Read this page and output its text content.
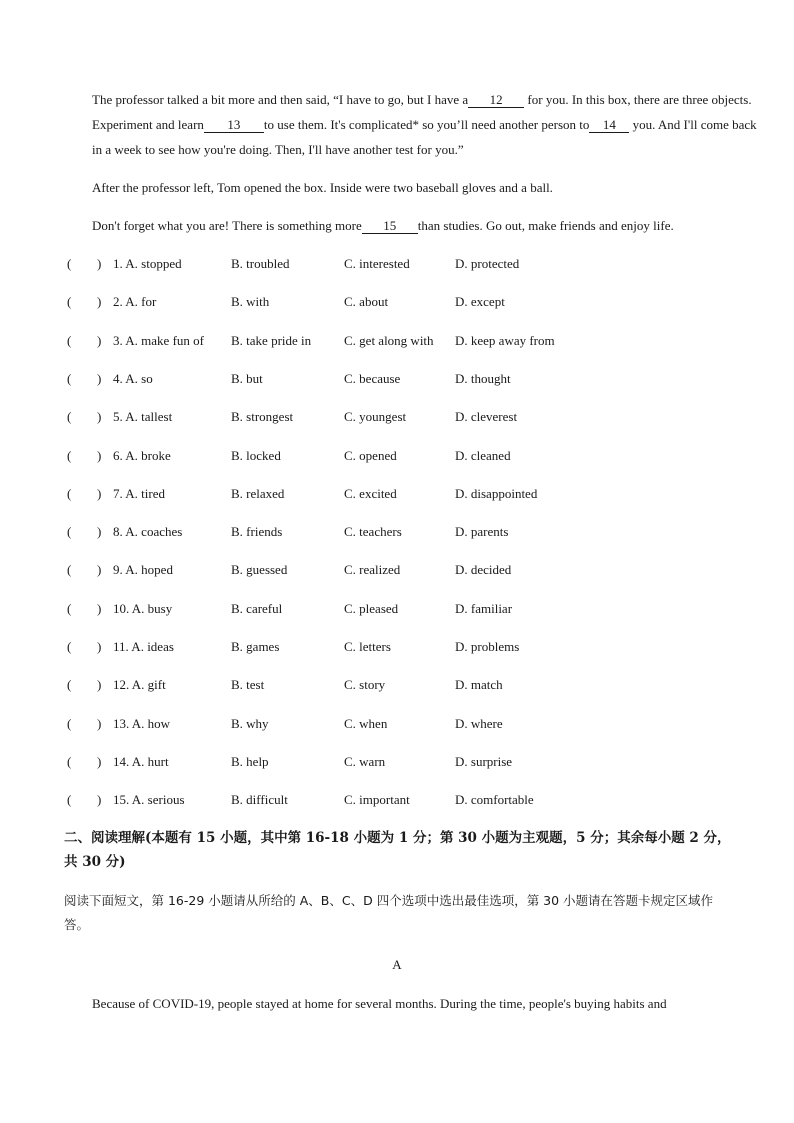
The professor talked a bit more and then said, “I have to go, but I have a 12 for you. In this box, there are three objects. Experiment and learn 13 to use them. It's complicated* so you’ll need another person to 14 you. And I'll come back in a week to see how you're doing. Then, I'll have another test for you.”

After the professor left, Tom opened the box. Inside were two baseball gloves and a ball.
Don't forget what you are! There is something more 15 than studies. Go out, make friends and enjoy life.
( ) 1. A. stopped	B. troubled	C. interested	D. protected
( ) 2. A. for	B. with	C. about	D. except
( ) 3. A. make fun of B. take pride in	C. get along with D. keep away from
( ) 4. A. so	B. but	C. because	D. thought
( ) 5. A. tallest	B. strongest	C. youngest	D. cleverest
( ) 6. A. broke	B. locked	C. opened	D. cleaned
( ) 7. A. tired	B. relaxed	C. excited	D. disappointed
( ) 8. A. coaches	B. friends	C. teachers	D. parents
( ) 9. A. hoped	B. guessed	C. realized	D. decided
( ) 10. A. busy	B. careful	C. pleased	D. familiar
( ) 11. A. ideas	B. games	C. letters	D. problems
( ) 12. A. gift	B. test	C. story	D. match
( ) 13. A. how	B. why	C. when	D. where
( ) 14. A. hurt	B. help	C. warn	D. surprise
( ) 15. A. serious	B. difficult	C. important	D. comfortable

二、阅读理解(本题有 15 小题，其中第 16-18 小题为 1 分；第 30 小题为主观题，5 分；其余每小题 2 分，共 30 分)

阅读下面短文，第 16-29 小题请从所给的 A、B、C、D 四个选项中选出最佳选项，第 30 小题请在答题卡规定区域作答。

A
Because of COVID-19, people stayed at home for several months. During the time, people's buying habits and
